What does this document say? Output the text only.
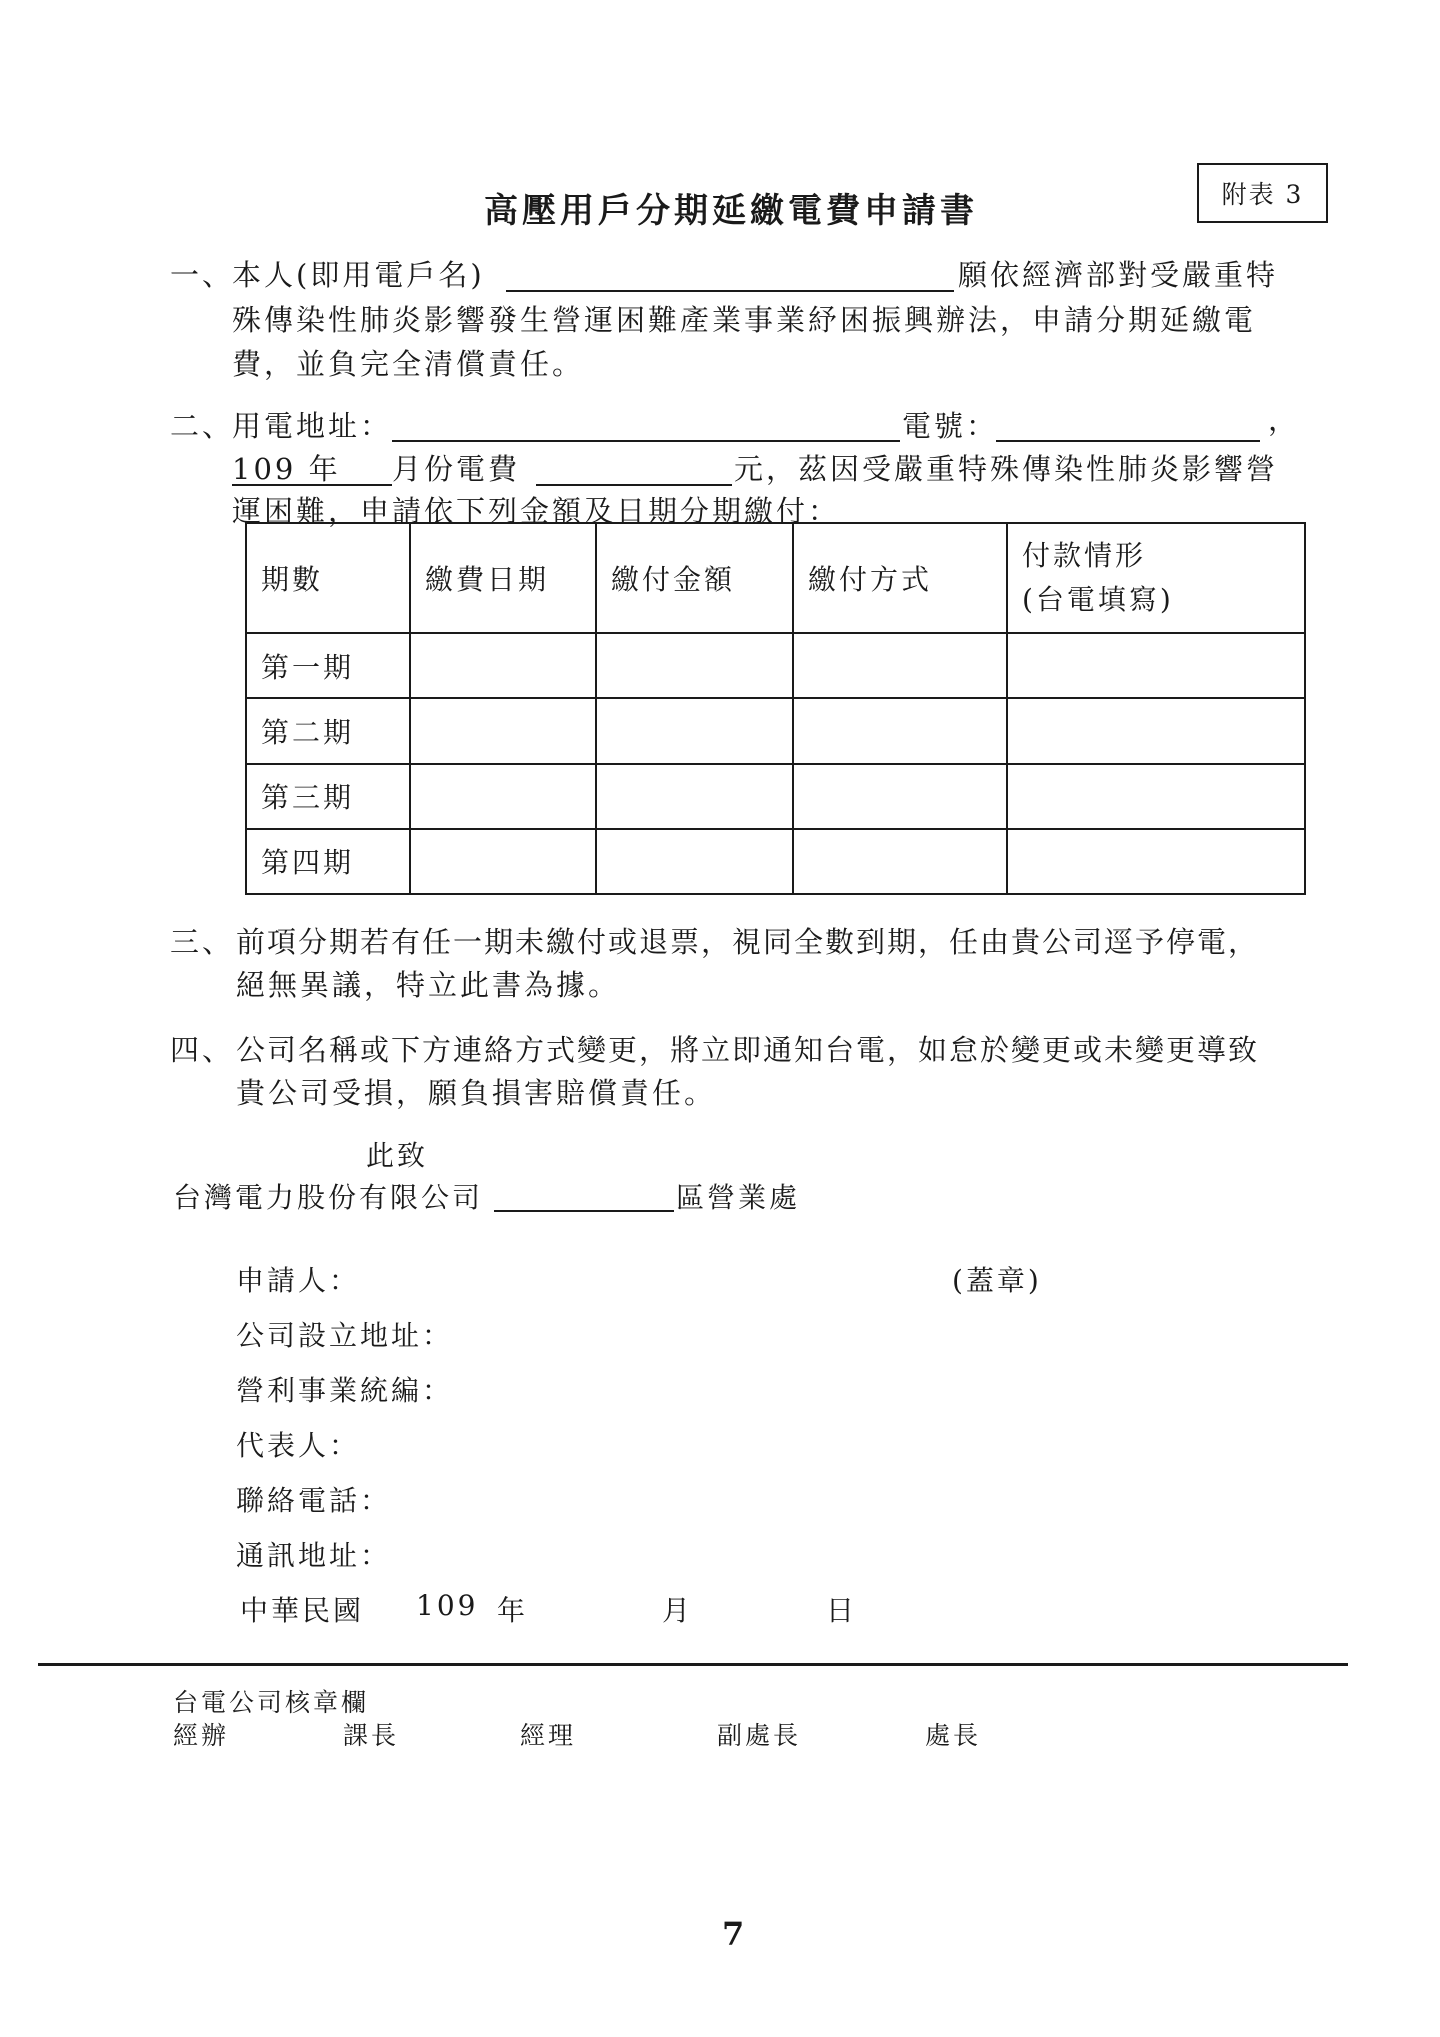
附表 3
高壓用戶分期延繳電費申請書
一、
本人(即用電戶名)	願依經濟部對受嚴重特
殊傳染性肺炎影響發生營運困難產業事業紓困振興辦法，申請分期延繳電
費，並負完全清償責任。
二、
用電地址：	電號：	，
109 年 月份電費	元，茲因受嚴重特殊傳染性肺炎影響營
運困難，申請依下列金額及日期分期繳付：
期數	繳費日期	繳付金額	繳付方式	付款情形
(台電填寫)
第一期				
第二期				
第三期				
第四期				
三、 前項分期若有任一期未繳付或退票，視同全數到期，任由貴公司逕予停電，
絕無異議，特立此書為據。
四、 公司名稱或下方連絡方式變更，將立即通知台電，如怠於變更或未變更導致
貴公司受損，願負損害賠償責任。
此致
台灣電力股份有限公司	區營業處
申請人：	(蓋章)
公司設立地址：
營利事業統編：
代表人：
聯絡電話：
通訊地址：
中華民國 109 年	月	日
台電公司核章欄
經辦	課長	經理	副處長	處長
7
